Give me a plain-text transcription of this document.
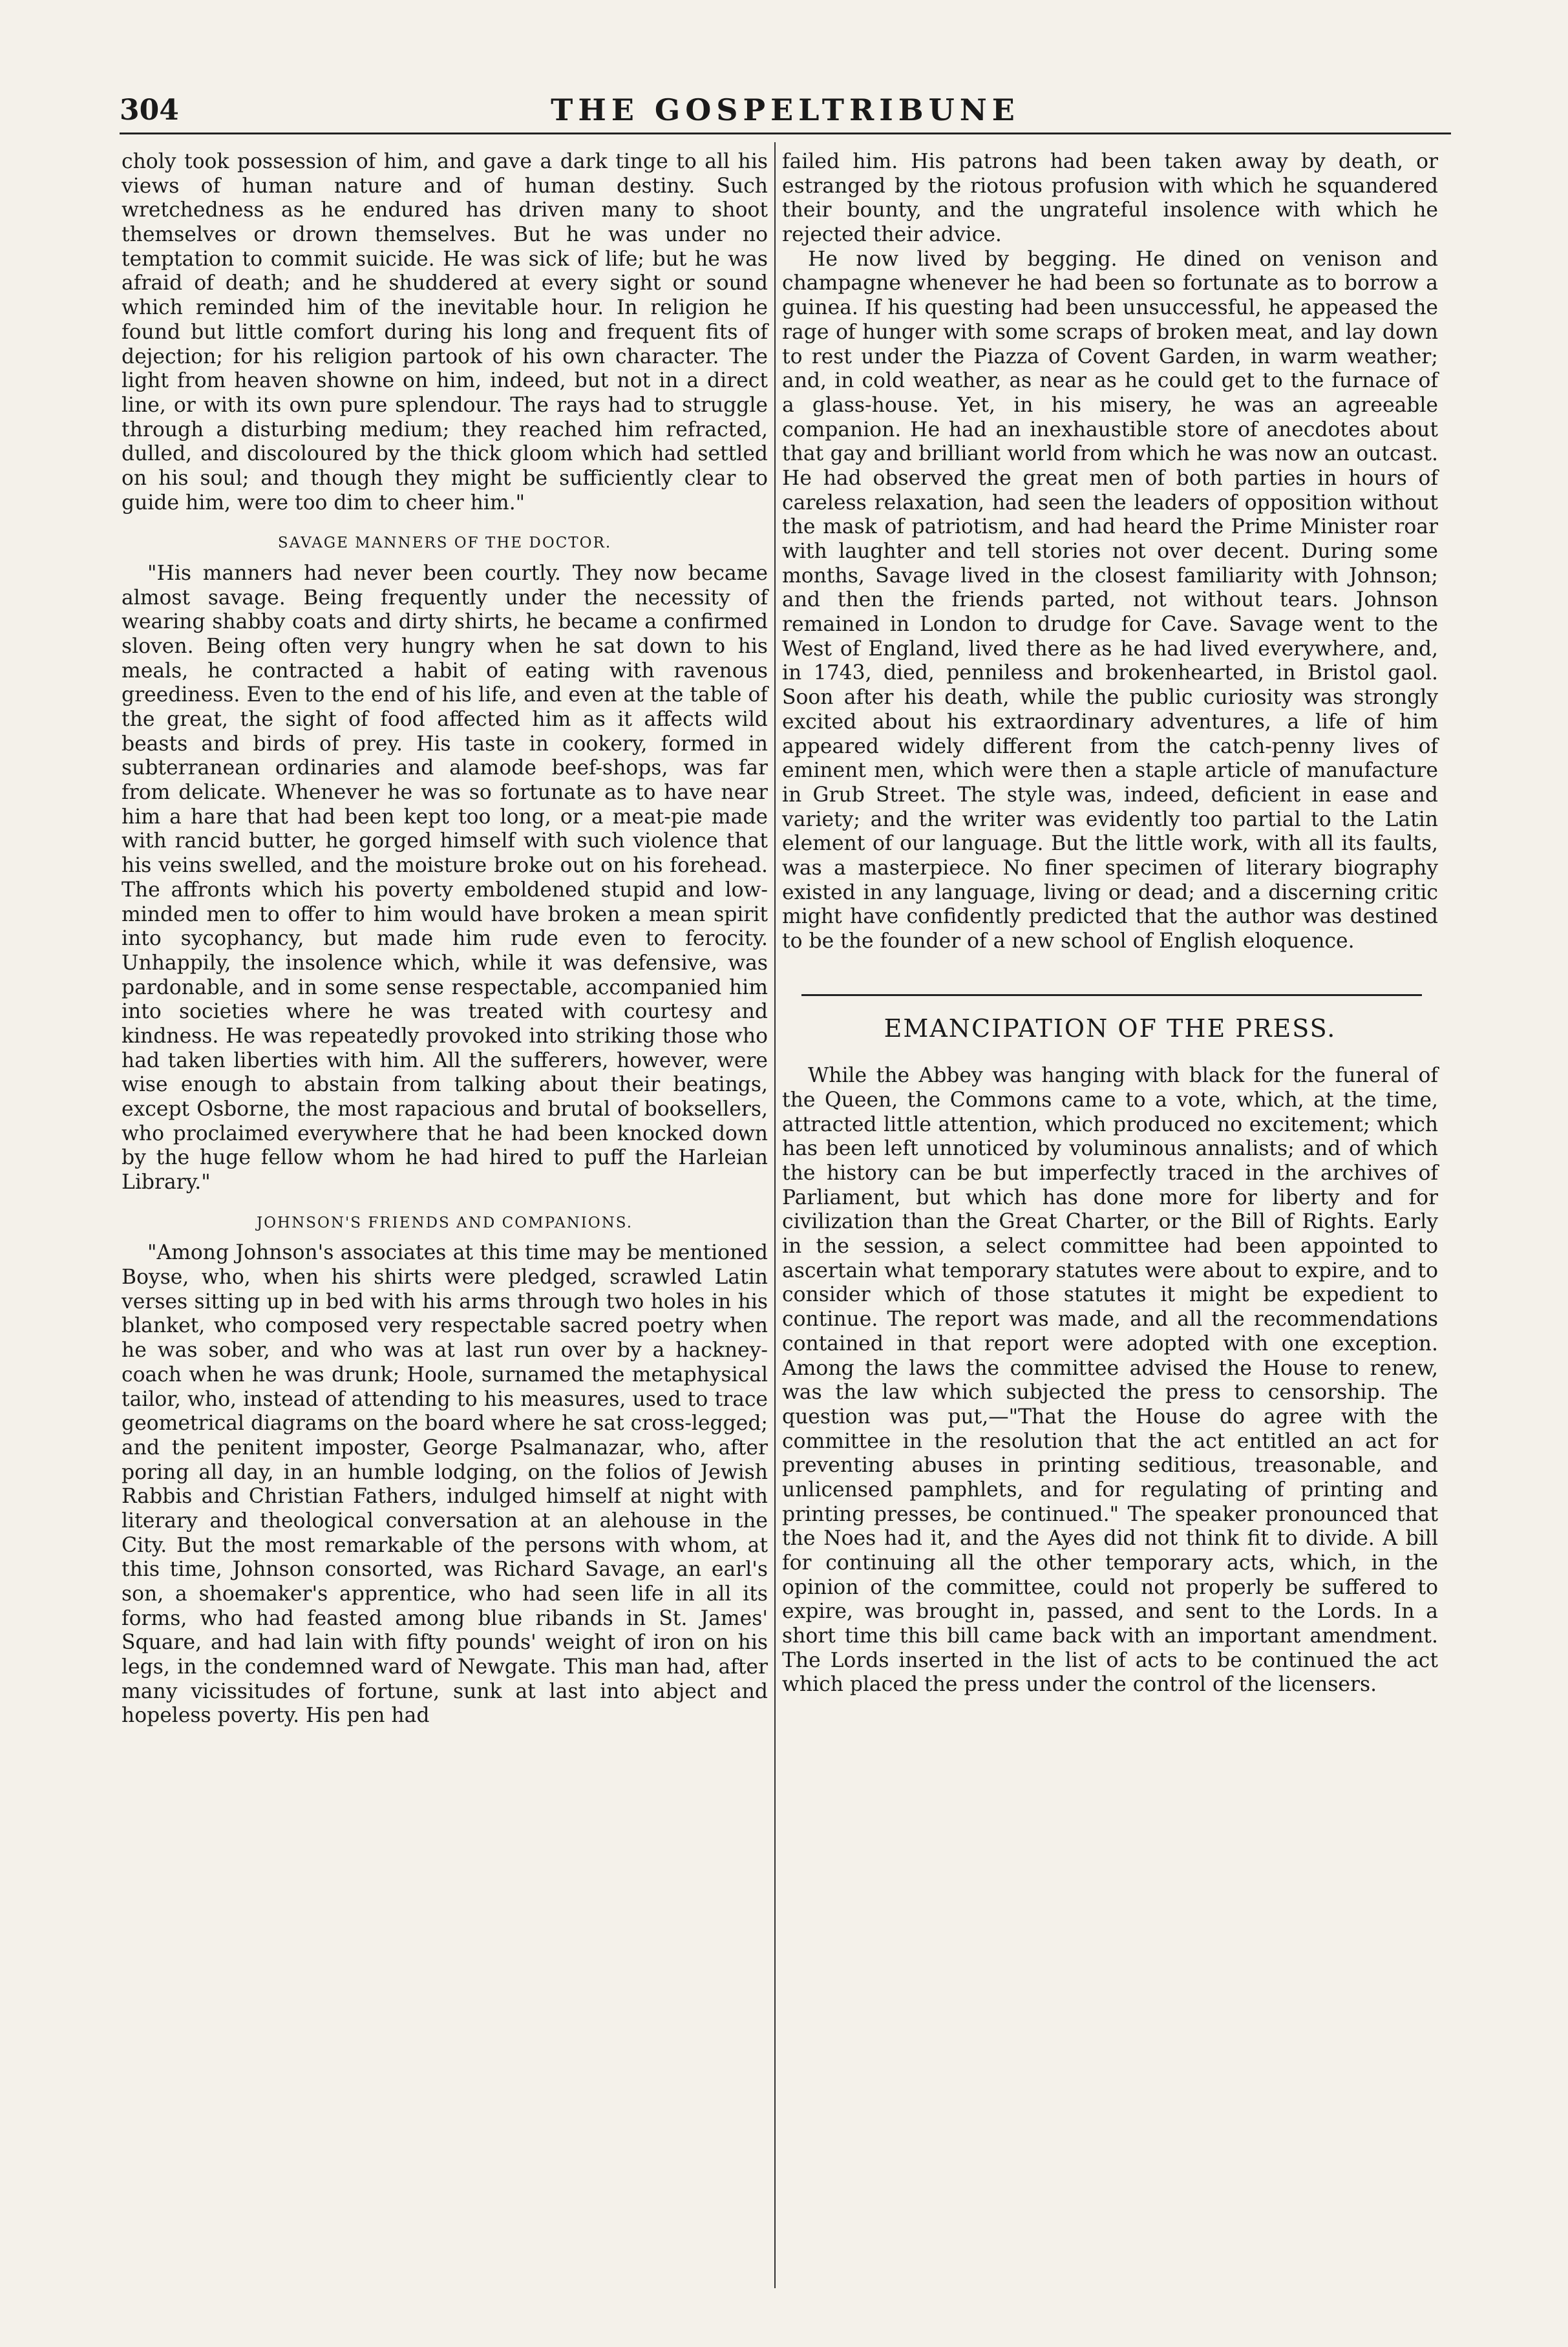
304	THE GOSPELTRIBUNE

choly took possession of him, and gave a dark tinge to all his views of human nature and of human destiny. Such wretchedness as he endured has driven many to shoot themselves or drown themselves. But he was under no temptation to commit suicide. He was sick of life; but he was afraid of death; and he shuddered at every sight or sound which reminded him of the inevitable hour. In religion he found but little comfort during his long and frequent fits of dejection; for his religion partook of his own character. The light from heaven showne on him, indeed, but not in a direct line, or with its own pure splendour. The rays had to struggle through a disturbing medium; they reached him refracted, dulled, and discoloured by the thick gloom which had settled on his soul; and though they might be sufficiently clear to guide him, were too dim to cheer him."

SAVAGE MANNERS OF THE DOCTOR.

"His manners had never been courtly. They now became almost savage. Being frequently under the necessity of wearing shabby coats and dirty shirts, he became a confirmed sloven. Being often very hungry when he sat down to his meals, he contracted a habit of eating with ravenous greediness. Even to the end of his life, and even at the table of the great, the sight of food affected him as it affects wild beasts and birds of prey. His taste in cookery, formed in subterranean ordinaries and alamode beef-shops, was far from delicate. Whenever he was so fortunate as to have near him a hare that had been kept too long, or a meat-pie made with rancid butter, he gorged himself with such violence that his veins swelled, and the moisture broke out on his forehead. The affronts which his poverty emboldened stupid and low-minded men to offer to him would have broken a mean spirit into sycophancy, but made him rude even to ferocity. Unhappily, the insolence which, while it was defensive, was pardonable, and in some sense respectable, accompanied him into societies where he was treated with courtesy and kindness. He was repeatedly provoked into striking those who had taken liberties with him. All the sufferers, however, were wise enough to abstain from talking about their beatings, except Osborne, the most rapacious and brutal of booksellers, who proclaimed everywhere that he had been knocked down by the huge fellow whom he had hired to puff the Harleian Library."

JOHNSON'S FRIENDS AND COMPANIONS.

"Among Johnson's associates at this time may be mentioned Boyse, who, when his shirts were pledged, scrawled Latin verses sitting up in bed with his arms through two holes in his blanket, who composed very respectable sacred poetry when he was sober, and who was at last run over by a hackney-coach when he was drunk; Hoole, surnamed the metaphysical tailor, who, instead of attending to his measures, used to trace geometrical diagrams on the board where he sat cross-legged; and the penitent imposter, George Psalmanazar, who, after poring all day, in an humble lodging, on the folios of Jewish Rabbis and Christian Fathers, indulged himself at night with literary and theological conversation at an alehouse in the City. But the most remarkable of the persons with whom, at this time, Johnson consorted, was Richard Savage, an earl's son, a shoemaker's apprentice, who had seen life in all its forms, who had feasted among blue ribands in St. James' Square, and had lain with fifty pounds' weight of iron on his legs, in the condemned ward of Newgate. This man had, after many vicissitudes of fortune, sunk at last into abject and hopeless poverty. His pen had

failed him. His patrons had been taken away by death, or estranged by the riotous profusion with which he squandered their bounty, and the ungrateful insolence with which he rejected their advice.

He now lived by begging. He dined on venison and champagne whenever he had been so fortunate as to borrow a guinea. If his questing had been unsuccessful, he appeased the rage of hunger with some scraps of broken meat, and lay down to rest under the Piazza of Covent Garden, in warm weather; and, in cold weather, as near as he could get to the furnace of a glass-house. Yet, in his misery, he was an agreeable companion. He had an inexhaustible store of anecdotes about that gay and brilliant world from which he was now an outcast. He had observed the great men of both parties in hours of careless relaxation, had seen the leaders of opposition without the mask of patriotism, and had heard the Prime Minister roar with laughter and tell stories not over decent. During some months, Savage lived in the closest familiarity with Johnson; and then the friends parted, not without tears. Johnson remained in London to drudge for Cave. Savage went to the West of England, lived there as he had lived everywhere, and, in 1743, died, penniless and brokenhearted, in Bristol gaol. Soon after his death, while the public curiosity was strongly excited about his extraordinary adventures, a life of him appeared widely different from the catch-penny lives of eminent men, which were then a staple article of manufacture in Grub Street. The style was, indeed, deficient in ease and variety; and the writer was evidently too partial to the Latin element of our language. But the little work, with all its faults, was a masterpiece. No finer specimen of literary biography existed in any language, living or dead; and a discerning critic might have confidently predicted that the author was destined to be the founder of a new school of English eloquence.

EMANCIPATION OF THE PRESS.

While the Abbey was hanging with black for the funeral of the Queen, the Commons came to a vote, which, at the time, attracted little attention, which produced no excitement; which has been left unnoticed by voluminous annalists; and of which the history can be but imperfectly traced in the archives of Parliament, but which has done more for liberty and for civilization than the Great Charter, or the Bill of Rights. Early in the session, a select committee had been appointed to ascertain what temporary statutes were about to expire, and to consider which of those statutes it might be expedient to continue. The report was made, and all the recommendations contained in that report were adopted with one exception. Among the laws the committee advised the House to renew, was the law which subjected the press to censorship. The question was put,—"That the House do agree with the committee in the resolution that the act entitled an act for preventing abuses in printing seditious, treasonable, and unlicensed pamphlets, and for regulating of printing and printing presses, be continued." The speaker pronounced that the Noes had it, and the Ayes did not think fit to divide. A bill for continuing all the other temporary acts, which, in the opinion of the committee, could not properly be suffered to expire, was brought in, passed, and sent to the Lords. In a short time this bill came back with an important amendment. The Lords inserted in the list of acts to be continued the act which placed the press under the control of the licensers.
